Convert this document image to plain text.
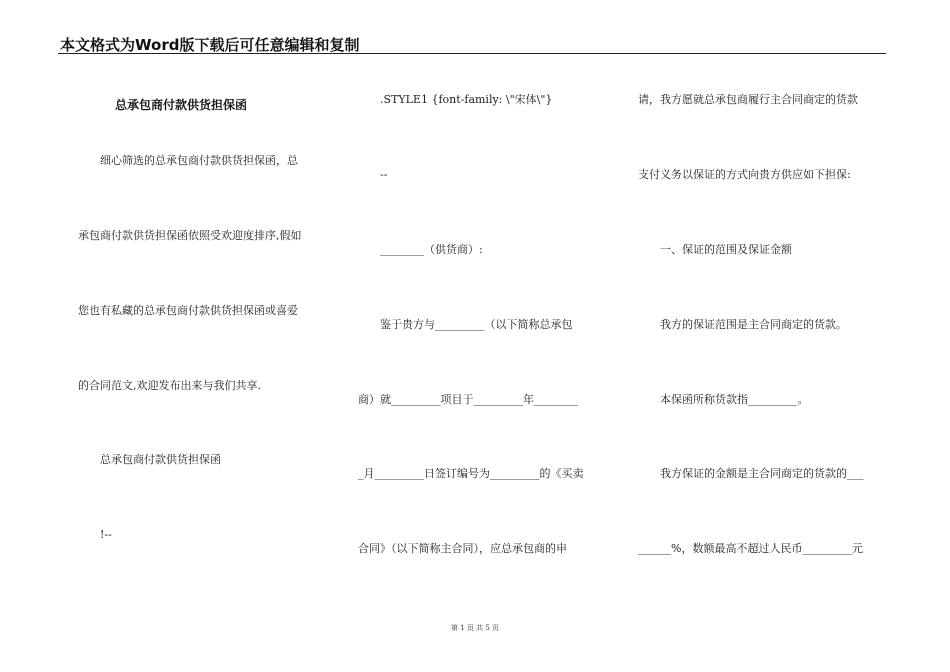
本文格式为Word版下载后可任意编辑和复制
总承包商付款供货担保函
细心筛选的总承包商付款供货担保函，总
承包商付款供货担保函依照受欢迎度排序,假如
您也有私藏的总承包商付款供货担保函或喜爱
的合同范文,欢迎发布出来与我们共享.
总承包商付款供货担保函
!--
.STYLE1 {font-family: \"宋体\"}
--
________（供货商）:
鉴于贵方与_________（以下简称总承包
商）就_________项目于_________年________
_月_________日签订编号为_________的《买卖
合同》（以下简称主合同），应总承包商的申
请，我方愿就总承包商履行主合同商定的货款
支付义务以保证的方式向贵方供应如下担保:
一、保证的范围及保证金额
我方的保证范围是主合同商定的货款。
本保函所称货款指_________。
我方保证的金额是主合同商定的货款的___
______%，数额最高不超过人民币_________元
第 1 页 共 5 页
